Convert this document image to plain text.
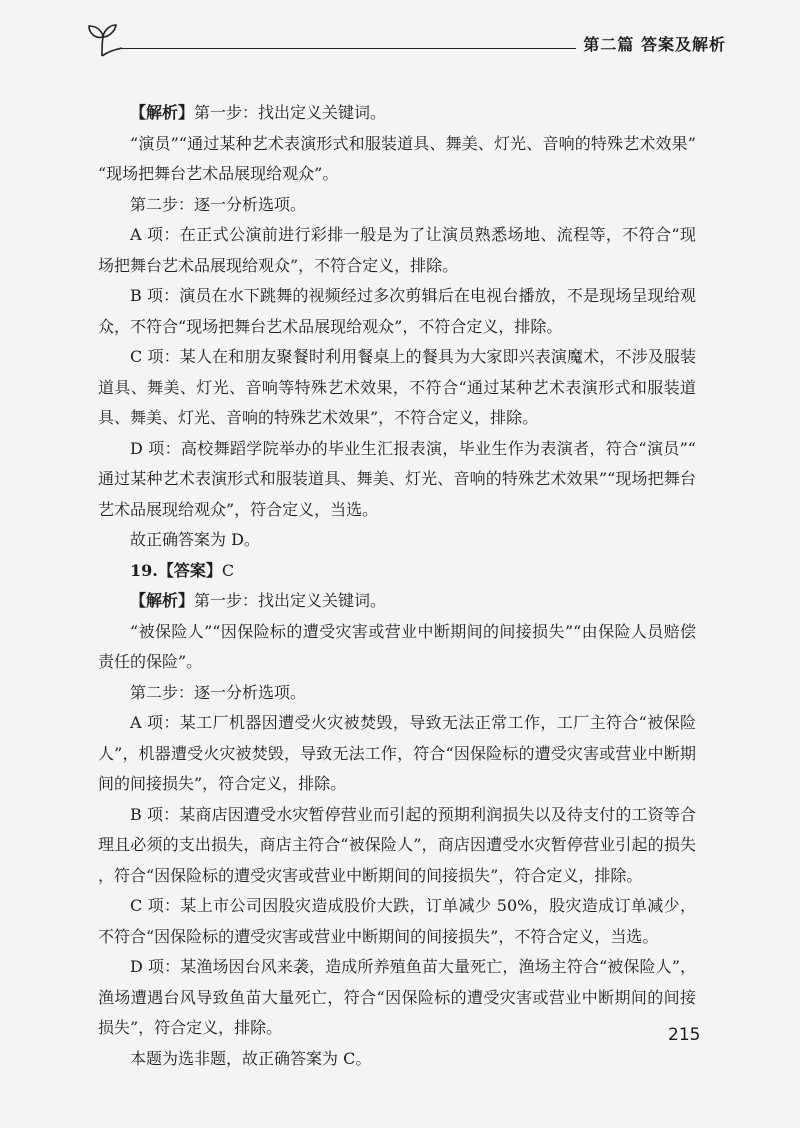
第二篇 答案及解析

【解析】第一步：找出定义关键词。

“演员”“通过某种艺术表演形式和服装道具、舞美、灯光、音响的特殊艺术效果”“现场把舞台艺术品展现给观众”。

第二步：逐一分析选项。

A 项：在正式公演前进行彩排一般是为了让演员熟悉场地、流程等，不符合“现场把舞台艺术品展现给观众”，不符合定义，排除。

B 项：演员在水下跳舞的视频经过多次剪辑后在电视台播放，不是现场呈现给观众，不符合“现场把舞台艺术品展现给观众”，不符合定义，排除。

C 项：某人在和朋友聚餐时利用餐桌上的餐具为大家即兴表演魔术，不涉及服装道具、舞美、灯光、音响等特殊艺术效果，不符合“通过某种艺术表演形式和服装道具、舞美、灯光、音响的特殊艺术效果”，不符合定义，排除。

D 项：高校舞蹈学院举办的毕业生汇报表演，毕业生作为表演者，符合“演员”“通过某种艺术表演形式和服装道具、舞美、灯光、音响的特殊艺术效果”“现场把舞台艺术品展现给观众”，符合定义，当选。

故正确答案为 D。

19.【答案】C

【解析】第一步：找出定义关键词。

“被保险人”“因保险标的遭受灾害或营业中断期间的间接损失”“由保险人员赔偿责任的保险”。

第二步：逐一分析选项。

A 项：某工厂机器因遭受火灾被焚毁，导致无法正常工作，工厂主符合“被保险人”，机器遭受火灾被焚毁，导致无法工作，符合“因保险标的遭受灾害或营业中断期间的间接损失”，符合定义，排除。

B 项：某商店因遭受水灾暂停营业而引起的预期利润损失以及待支付的工资等合理且必须的支出损失，商店主符合“被保险人”，商店因遭受水灾暂停营业引起的损失，符合“因保险标的遭受灾害或营业中断期间的间接损失”，符合定义，排除。

C 项：某上市公司因股灾造成股价大跌，订单减少 50%，股灾造成订单减少，不符合“因保险标的遭受灾害或营业中断期间的间接损失”，不符合定义，当选。

D 项：某渔场因台风来袭，造成所养殖鱼苗大量死亡，渔场主符合“被保险人”，渔场遭遇台风导致鱼苗大量死亡，符合“因保险标的遭受灾害或营业中断期间的间接损失”，符合定义，排除。

本题为选非题，故正确答案为 C。

215
